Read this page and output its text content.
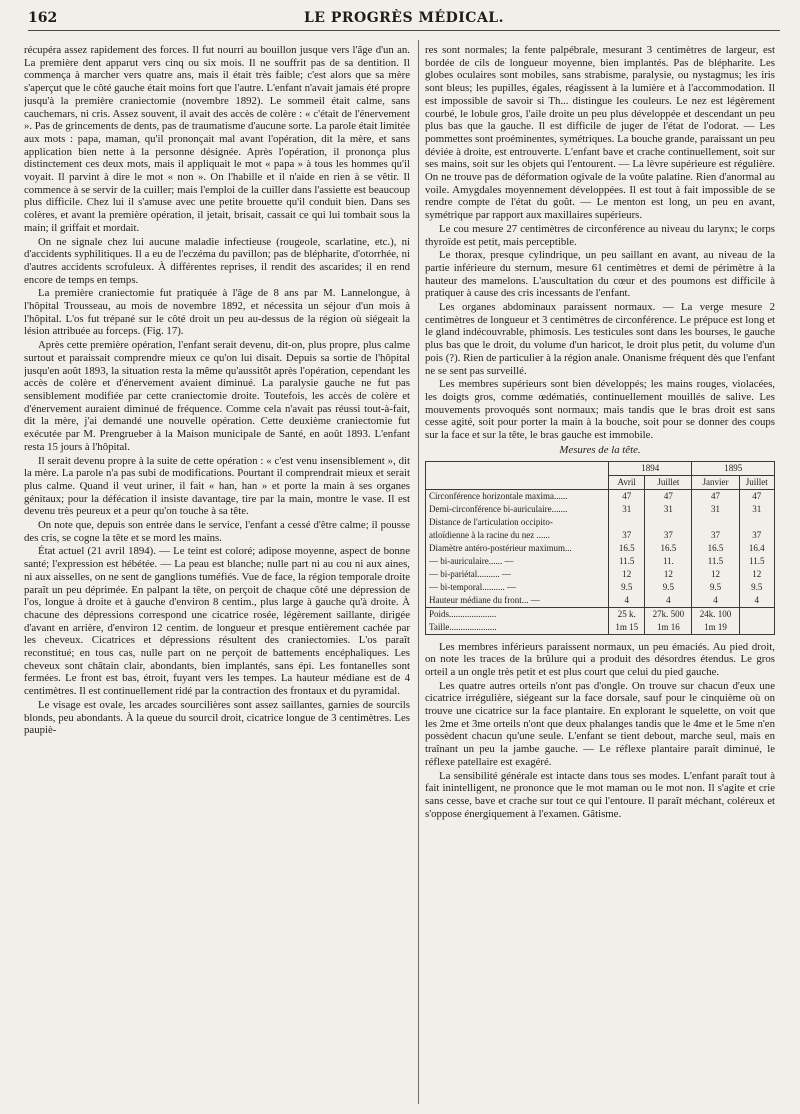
162	LE PROGRÈS MÉDICAL.

récupéra assez rapidement des forces. Il fut nourri au bouillon jusque vers l'âge d'un an. La première dent apparut vers cinq ou six mois. Il ne souffrit pas de sa dentition. Il commença à marcher vers quatre ans, mais il était très faible; c'est alors que sa mère s'aperçut que le côté gauche était moins fort que l'autre. L'enfant n'avait jamais été propre jusqu'à la première craniectomie (novembre 1892). Le sommeil était calme, sans cauchemars, ni cris. Assez souvent, il avait des accès de colère : « c'était de l'énervement ». Pas de grincements de dents, pas de traumatisme d'aucune sorte. La parole était limitée aux mots : papa, maman, qu'il prononçait mal avant l'opération, dit la mère, et sans application bien nette à la personne désignée. Après l'opération, il prononça plus distinctement ces deux mots, mais il appliquait le mot « papa » à tous les hommes qu'il voyait. Il parvint à dire le mot « non ». On l'habille et il n'aide en rien à se vêtir. Il commence à se servir de la cuiller; mais l'emploi de la cuiller dans l'assiette est beaucoup plus difficile. Chez lui il s'amuse avec une petite brouette qu'il conduit bien. Dans ses colères, et avant la première opération, il jetait, brisait, cassait ce qui lui tombait sous la main; il griffait et mordait.

On ne signale chez lui aucune maladie infectieuse (rougeole, scarlatine, etc.), ni d'accidents syphilitiques. Il a eu de l'eczéma du pavillon; pas de blépharite, d'otorrhée, ni d'autres accidents scrofuleux. À différentes reprises, il rendit des ascarides; il en rend encore de temps en temps.

La première craniectomie fut pratiquée à l'âge de 8 ans par M. Lannelongue, à l'hôpital Trousseau, au mois de novembre 1892, et nécessita un séjour d'un mois à l'hôpital. L'os fut trépané sur le côté droit un peu au-dessus de la région où siégeait la lésion attribuée au forceps. (Fig. 17).

Après cette première opération, l'enfant serait devenu, dit-on, plus propre, plus calme surtout et paraissait comprendre mieux ce qu'on lui disait. Depuis sa sortie de l'hôpital jusqu'en août 1893, la situation resta la même qu'aussitôt après l'opération, cependant les accès de colère et d'énervement avaient diminué. La paralysie gauche ne fut pas sensiblement modifiée par cette craniectomie droite. Toutefois, les accès de colère et d'énervement auraient diminué de fréquence. Comme cela n'avait pas réussi tout-à-fait, dit la mère, j'ai demandé une nouvelle opération. Cette deuxième craniectomie fut exécutée par M. Prengrueber à la Maison municipale de Santé, en août 1893. L'enfant resta 15 jours à l'hôpital.

Il serait devenu propre à la suite de cette opération : « c'est venu insensiblement », dit la mère. La parole n'a pas subi de modifications. Pourtant il comprendrait mieux et serait plus calme. Quand il veut uriner, il fait « han, han » et porte la main à ses organes génitaux; pour la défécation il insiste davantage, tire par la main, montre le vase. Il est devenu très peureux et a peur qu'on touche à sa tête.

On note que, depuis son entrée dans le service, l'enfant a cessé d'être calme; il pousse des cris, se cogne la tête et se mord les mains.

État actuel (21 avril 1894). — Le teint est coloré; adipose moyenne, aspect de bonne santé; l'expression est hébétée. — La peau est blanche; nulle part ni au cou ni aux aines, ni aux aisselles, on ne sent de ganglions tuméfiés. Vue de face, la région temporale droite paraît un peu déprimée. En palpant la tête, on perçoit de chaque côté une dépression de l'os, longue à droite et à gauche d'environ 8 centim., plus large à gauche qu'à droite. À chacune des dépressions correspond une cicatrice rosée, légèrement saillante, dirigée d'avant en arrière, d'environ 12 centim. de longueur et presque entièrement cachée par les cheveux. Cicatrices et dépressions résultent des craniectomies. L'os paraît reconstitué; en tous cas, nulle part on ne perçoit de battements encéphaliques. Les cheveux sont châtain clair, abondants, bien implantés, sans épi. Les fontanelles sont fermées. Le front est bas, étroit, fuyant vers les tempes. La hauteur médiane est de 4 centimètres. Il est continuellement ridé par la contraction des frontaux et du pyramidal.

Le visage est ovale, les arcades sourcilières sont assez saillantes, garnies de sourcils blonds, peu abondants. À la queue du sourcil droit, cicatrice longue de 3 centimètres. Les paupiè-

res sont normales; la fente palpébrale, mesurant 3 centimètres de largeur, est bordée de cils de longueur moyenne, bien implantés. Pas de blépharite. Les globes oculaires sont mobiles, sans strabisme, paralysie, ou nystagmus; les iris sont bleus; les pupilles, égales, réagissent à la lumière et à l'accommodation. Il est impossible de savoir si Th... distingue les couleurs. Le nez est légèrement courbé, le lobule gros, l'aile droite un peu plus développée et descendant un peu plus bas que la gauche. Il est difficile de juger de l'état de l'odorat. — Les pommettes sont proéminentes, symétriques. La bouche grande, paraissant un peu déviée à droite, est entrouverte. L'enfant bave et crache continuellement, soit sur ses mains, soit sur les objets qui l'entourent. — La lèvre supérieure est régulière. On ne trouve pas de déformation ogivale de la voûte palatine. Rien d'anormal au voile. Amygdales moyennement développées. Il est tout à fait impossible de se rendre compte de l'état du goût. — Le menton est long, un peu en avant, symétrique par rapport aux maxillaires supérieurs.

Le cou mesure 27 centimètres de circonférence au niveau du larynx; le corps thyroïde est petit, mais perceptible.

Le thorax, presque cylindrique, un peu saillant en avant, au niveau de la partie inférieure du sternum, mesure 61 centimètres et demi de périmètre à la hauteur des mamelons. L'auscultation du cœur et des poumons est difficile à pratiquer à cause des cris incessants de l'enfant.

Les organes abdominaux paraissent normaux. — La verge mesure 2 centimètres de longueur et 3 centimètres de circonférence. Le prépuce est long et le gland indécouvrable, phimosis. Les testicules sont dans les bourses, le gauche plus bas que le droit, du volume d'un haricot, le droit plus petit, du volume d'un pois (?). Rien de particulier à la région anale. Onanisme fréquent dès que l'enfant ne se sent pas surveillé.

Les membres supérieurs sont bien développés; les mains rouges, violacées, les doigts gros, comme œdématiés, continuellement mouillés de salive. Les mouvements provoqués sont normaux; mais tandis que le bras droit est sans cesse agité, soit pour porter la main à la bouche, soit pour se donner des coups sur la face et sur la tête, le bras gauche est immobile.

Mesures de la tête.
	1894		1895	
	Avril	Juillet	Janvier	Juillet
Circonférence horizontale maxima......	47	47	47	47
Demi-circonférence bi-auriculaire.......	31	31	31	31
Distance de l'articulation occipito-				
atloïdienne à la racine du nez ......	37	37	37	37
Diamètre antéro-postérieur maximum...	16.5	16.5	16.5	16.4
— bi-auriculaire...... —	11.5	11.	11.5	11.5
— bi-pariétal.......... —	12	12	12	12
— bi-temporal.......... —	9.5	9.5	9.5	9.5
Hauteur médiane du front... —	4	4	4	4
Poids.....................	25 k.	27k. 500	24k. 100	
Taille.....................	1m 15	1m 16	1m 19	

Les membres inférieurs paraissent normaux, un peu émaciés. Au pied droit, on note les traces de la brûlure qui a produit des désordres étendus. Le gros orteil a un ongle très petit et est plus court que celui du pied gauche.

Les quatre autres orteils n'ont pas d'ongle. On trouve sur chacun d'eux une cicatrice irrégulière, siégeant sur la face dorsale, sauf pour le cinquième où on trouve une cicatrice sur la face plantaire. En explorant le squelette, on voit que les 2me et 3me orteils n'ont que deux phalanges tandis que le 4me et le 5me n'en possèdent chacun qu'une seule. L'enfant se tient debout, marche seul, mais en traînant un peu la jambe gauche. — Le réflexe plantaire paraît diminué, le réflexe patellaire est exagéré.

La sensibilité générale est intacte dans tous ses modes. L'enfant paraît tout à fait inintelligent, ne prononce que le mot maman ou le mot non. Il s'agite et crie sans cesse, bave et crache sur tout ce qui l'entoure. Il paraît méchant, coléreux et s'oppose énergiquement à l'examen. Gâtisme.
